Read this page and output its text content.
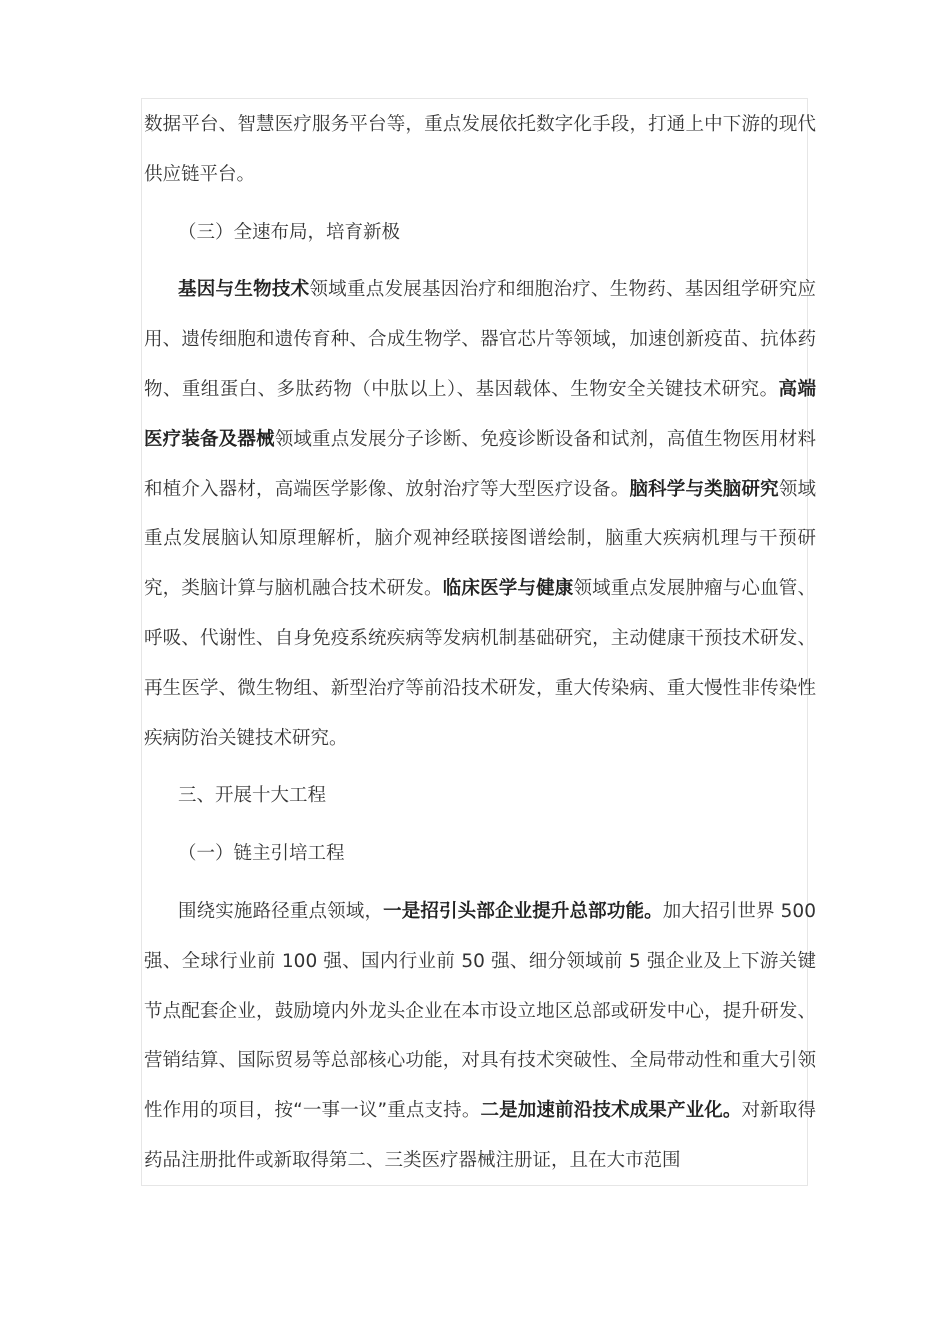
数据平台、智慧医疗服务平台等，重点发展依托数字化手段，打通上中下游的现代供应链平台。

（三）全速布局，培育新极

基因与生物技术领域重点发展基因治疗和细胞治疗、生物药、基因组学研究应用、遗传细胞和遗传育种、合成生物学、器官芯片等领域，加速创新疫苗、抗体药物、重组蛋白、多肽药物（中肽以上）、基因载体、生物安全关键技术研究。高端医疗装备及器械领域重点发展分子诊断、免疫诊断设备和试剂，高值生物医用材料和植介入器材，高端医学影像、放射治疗等大型医疗设备。脑科学与类脑研究领域重点发展脑认知原理解析，脑介观神经联接图谱绘制，脑重大疾病机理与干预研究，类脑计算与脑机融合技术研发。临床医学与健康领域重点发展肿瘤与心血管、呼吸、代谢性、自身免疫系统疾病等发病机制基础研究，主动健康干预技术研发、再生医学、微生物组、新型治疗等前沿技术研发，重大传染病、重大慢性非传染性疾病防治关键技术研究。

三、开展十大工程

（一）链主引培工程

围绕实施路径重点领域，一是招引头部企业提升总部功能。加大招引世界 500 强、全球行业前 100 强、国内行业前 50 强、细分领域前 5 强企业及上下游关键节点配套企业，鼓励境内外龙头企业在本市设立地区总部或研发中心，提升研发、营销结算、国际贸易等总部核心功能，对具有技术突破性、全局带动性和重大引领性作用的项目，按“一事一议”重点支持。二是加速前沿技术成果产业化。对新取得药品注册批件或新取得第二、三类医疗器械注册证，且在大市范围
